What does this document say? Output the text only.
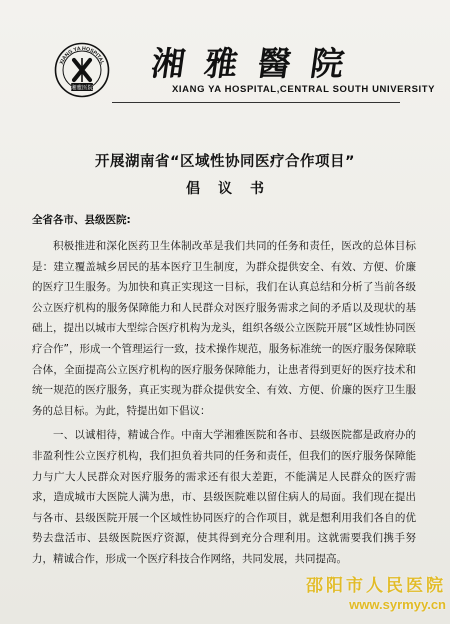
XIANG YA HOSPITAL
湘雅医院
湘雅醫院
XIANG YA HOSPITAL,CENTRAL SOUTH UNIVERSITY
开展湖南省“区域性协同医疗合作项目”
倡议书
全省各市、县级医院:

积极推进和深化医药卫生体制改革是我们共同的任务和责任，医改的总体目标是：建立覆盖城乡居民的基本医疗卫生制度，为群众提供安全、有效、方便、价廉的医疗卫生服务。为加快和真正实现这一目标，我们在认真总结和分析了当前各级公立医疗机构的服务保障能力和人民群众对医疗服务需求之间的矛盾以及现状的基础上，提出以城市大型综合医疗机构为龙头，组织各级公立医院开展“区域性协同医疗合作”，形成一个管理运行一致，技术操作规范，服务标准统一的医疗服务保障联合体，全面提高公立医疗机构的医疗服务保障能力，让患者得到更好的医疗技术和统一规范的医疗服务，真正实现为群众提供安全、有效、方便、价廉的医疗卫生服务的总目标。为此，特提出如下倡议：

一、以诚相待，精诚合作。中南大学湘雅医院和各市、县级医院都是政府办的非盈利性公立医疗机构，我们担负着共同的任务和责任，但我们的医疗服务保障能力与广大人民群众对医疗服务的需求还有很大差距，不能满足人民群众的医疗需求，造成城市大医院人满为患，市、县级医院难以留住病人的局面。我们现在提出与各市、县级医院开展一个区域性协同医疗的合作项目，就是想利用我们各自的优势去盘活市、县级医院医疗资源，使其得到充分合理利用。这就需要我们携手努力，精诚合作，形成一个医疗科技合作网络，共同发展，共同提高。

邵阳市人民医院
www.syrmyy.cn
